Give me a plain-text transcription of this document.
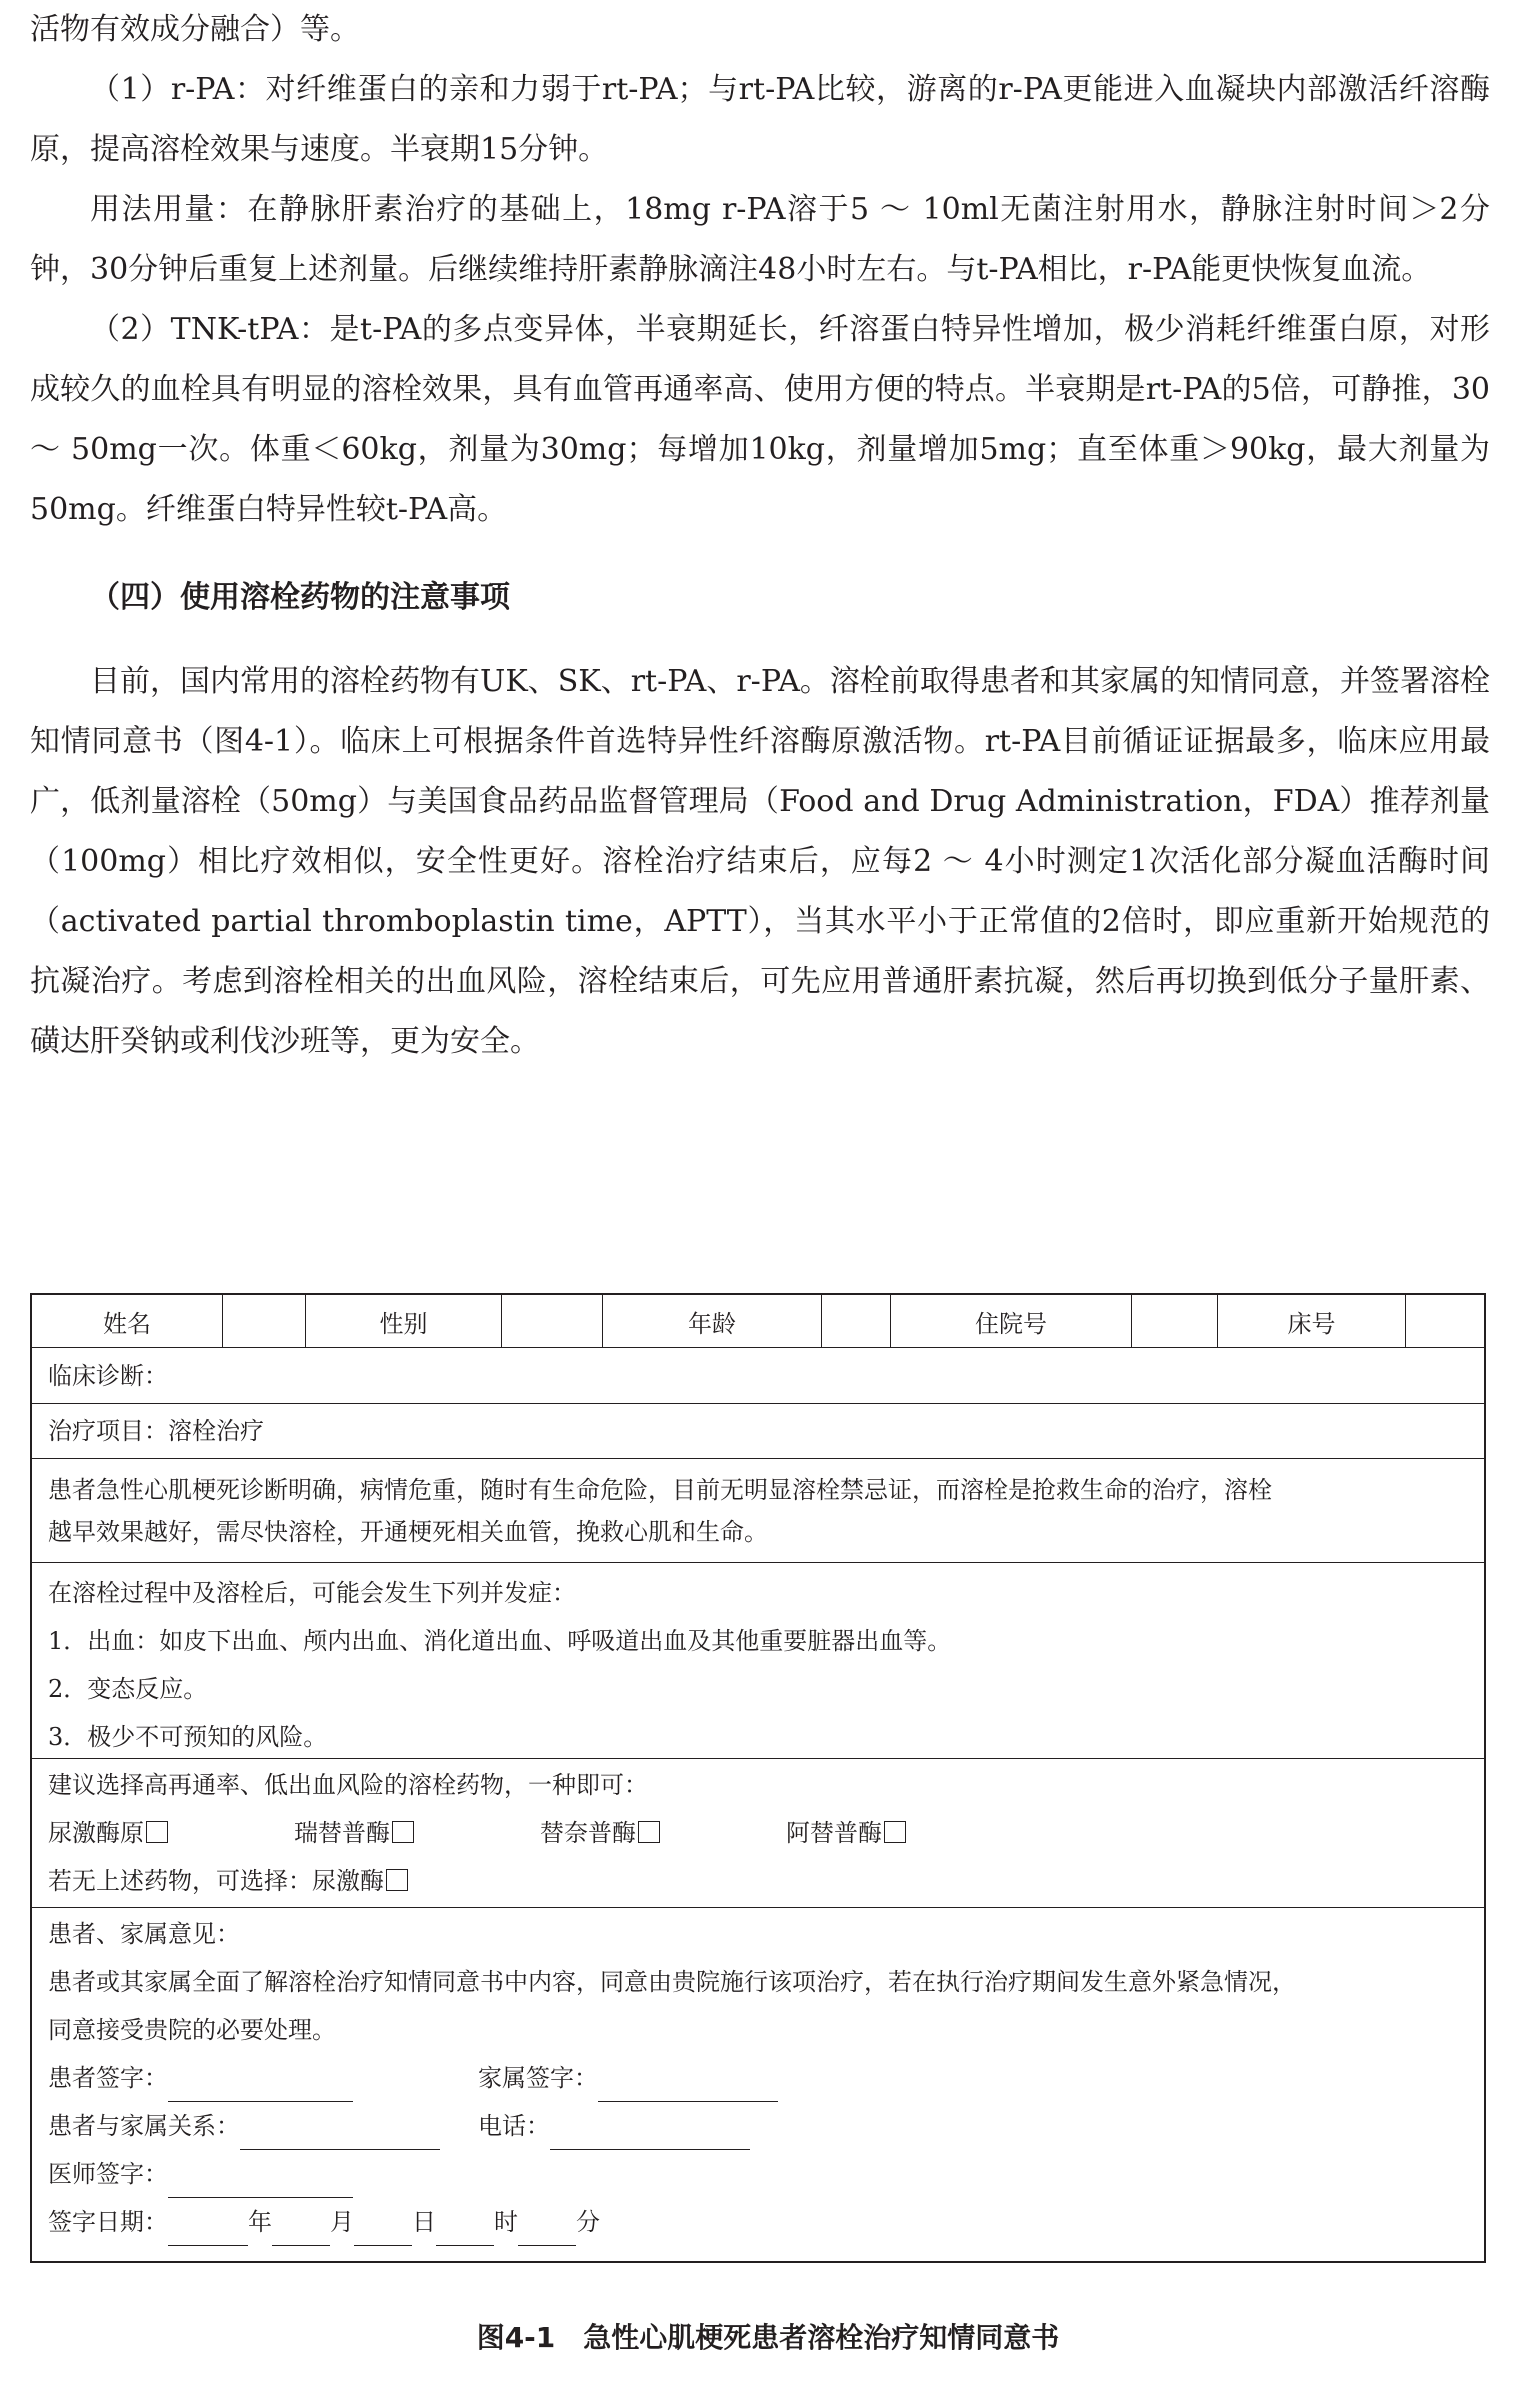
活物有效成分融合）等。

（1）r-PA：对纤维蛋白的亲和力弱于rt-PA；与rt-PA比较，游离的r-PA更能进入血凝块内部激活纤溶酶原，提高溶栓效果与速度。半衰期15分钟。

用法用量：在静脉肝素治疗的基础上，18mg r-PA溶于5 ～ 10ml无菌注射用水，静脉注射时间＞2分钟，30分钟后重复上述剂量。后继续维持肝素静脉滴注48小时左右。与t-PA相比，r-PA能更快恢复血流。

（2）TNK-tPA：是t-PA的多点变异体，半衰期延长，纤溶蛋白特异性增加，极少消耗纤维蛋白原，对形成较久的血栓具有明显的溶栓效果，具有血管再通率高、使用方便的特点。半衰期是rt-PA的5倍，可静推，30 ～ 50mg一次。体重＜60kg，剂量为30mg；每增加10kg，剂量增加5mg；直至体重＞90kg，最大剂量为50mg。纤维蛋白特异性较t-PA高。

（四）使用溶栓药物的注意事项

目前，国内常用的溶栓药物有UK、SK、rt-PA、r-PA。溶栓前取得患者和其家属的知情同意，并签署溶栓知情同意书（图4-1）。临床上可根据条件首选特异性纤溶酶原激活物。rt-PA目前循证证据最多，临床应用最广，低剂量溶栓（50mg）与美国食品药品监督管理局（Food and Drug Administration，FDA）推荐剂量（100mg）相比疗效相似，安全性更好。溶栓治疗结束后，应每2 ～ 4小时测定1次活化部分凝血活酶时间（activated partial thromboplastin time，APTT），当其水平小于正常值的2倍时，即应重新开始规范的抗凝治疗。考虑到溶栓相关的出血风险，溶栓结束后，可先应用普通肝素抗凝，然后再切换到低分子量肝素、磺达肝癸钠或利伐沙班等，更为安全。

姓名	性别	年龄	住院号	床号
临床诊断：
治疗项目：溶栓治疗
患者急性心肌梗死诊断明确，病情危重，随时有生命危险，目前无明显溶栓禁忌证，而溶栓是抢救生命的治疗，溶栓
越早效果越好，需尽快溶栓，开通梗死相关血管，挽救心肌和生命。
在溶栓过程中及溶栓后，可能会发生下列并发症：
1．出血：如皮下出血、颅内出血、消化道出血、呼吸道出血及其他重要脏器出血等。
2．变态反应。
3．极少不可预知的风险。
建议选择高再通率、低出血风险的溶栓药物，一种即可：
尿激酶原	瑞替普酶	替奈普酶	阿替普酶
若无上述药物，可选择：尿激酶
患者、家属意见：
患者或其家属全面了解溶栓治疗知情同意书中内容，同意由贵院施行该项治疗，若在执行治疗期间发生意外紧急情况，
同意接受贵院的必要处理。
患者签字：	家属签字：
患者与家属关系：	电话：
医师签字：
签字日期：	年 月 日 时 分
图4-1　急性心肌梗死患者溶栓治疗知情同意书
